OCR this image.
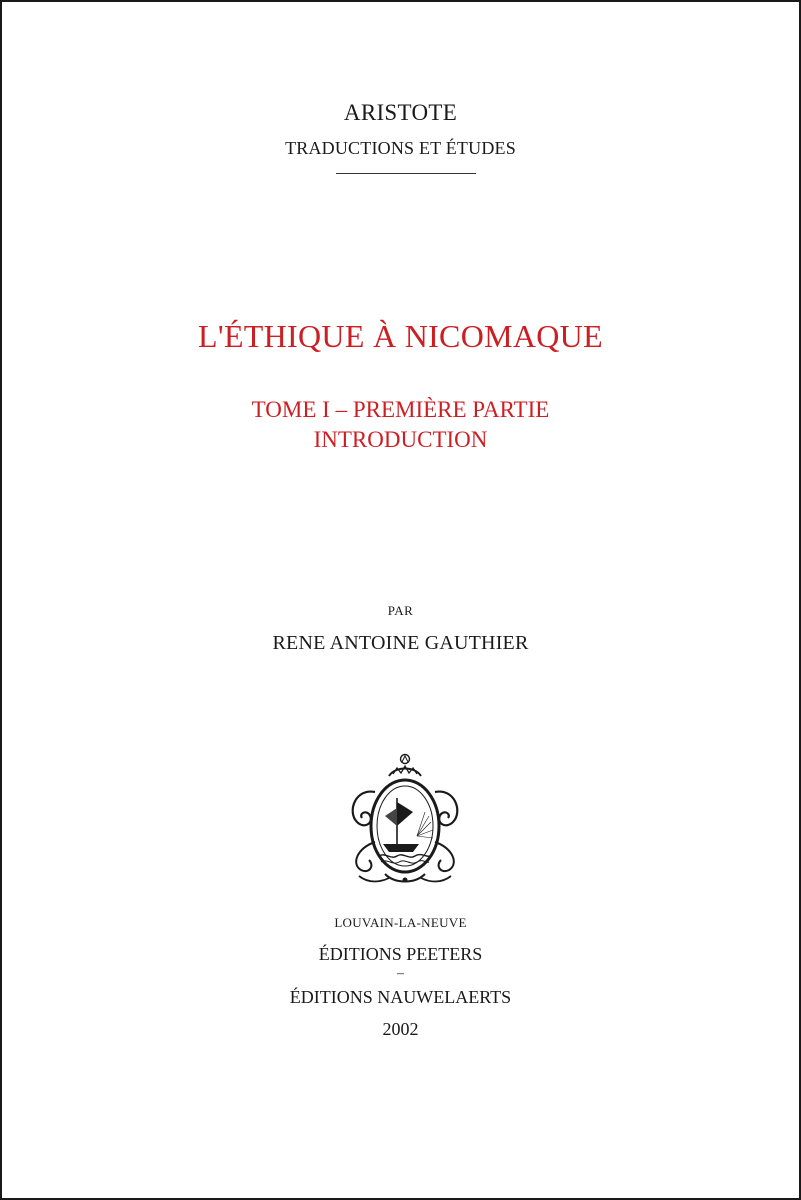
ARISTOTE
TRADUCTIONS ET ÉTUDES
L'ÉTHIQUE À NICOMAQUE
TOME I – PREMIÈRE PARTIE
INTRODUCTION
PAR
RENE ANTOINE GAUTHIER
LOUVAIN-LA-NEUVE
ÉDITIONS PEETERS
–
ÉDITIONS NAUWELAERTS
2002
